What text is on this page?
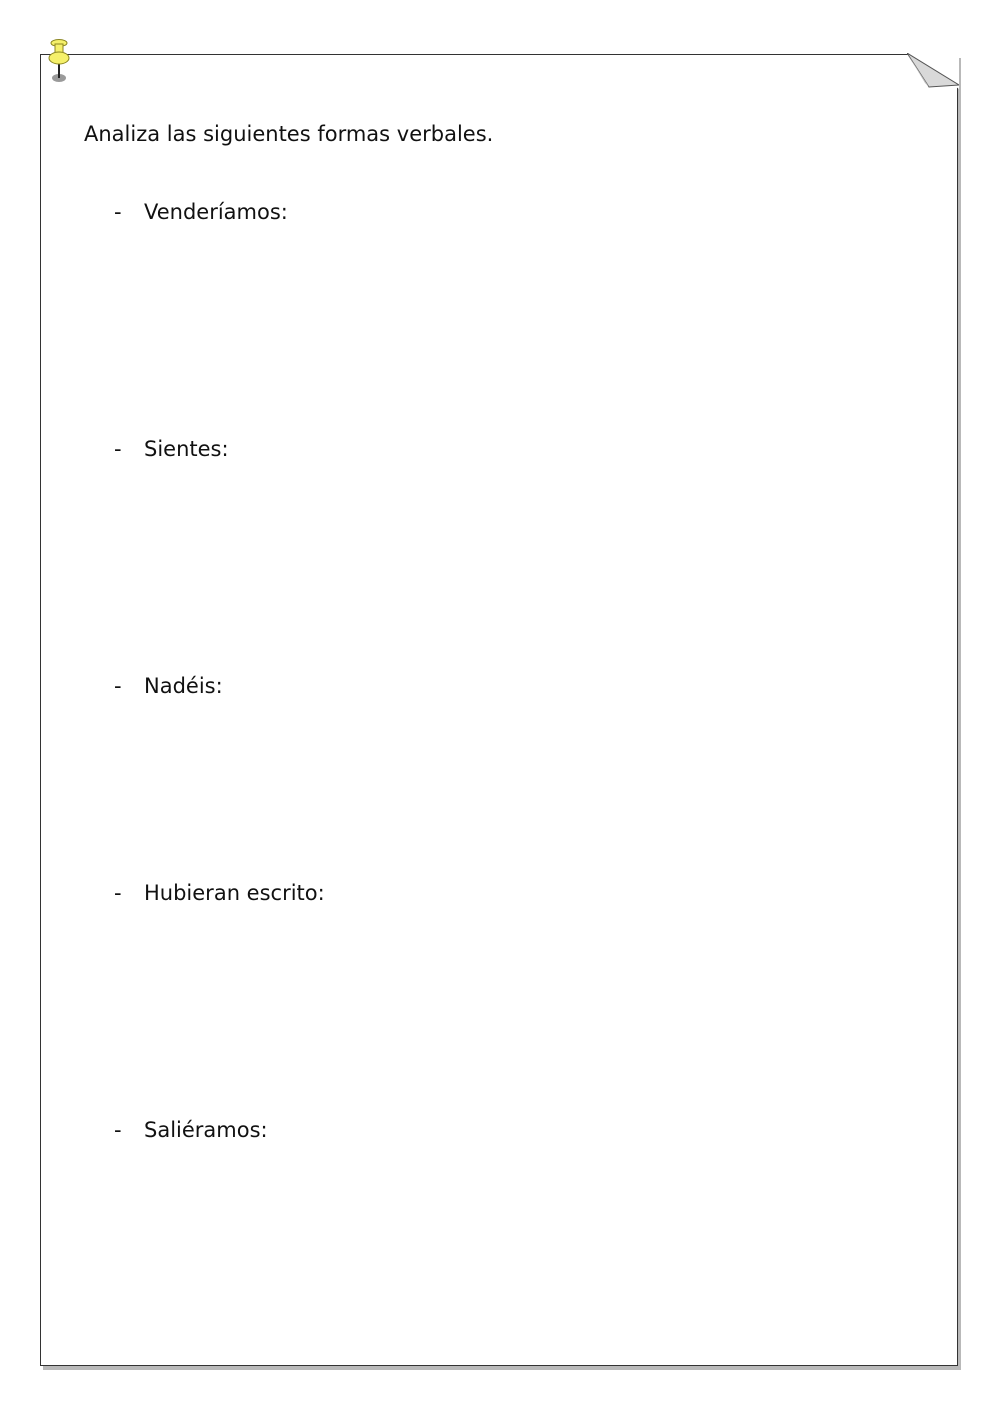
Analiza las siguientes formas verbales.
- Venderíamos:
- Sientes:
- Nadéis:
- Hubieran escrito:
- Saliéramos:
